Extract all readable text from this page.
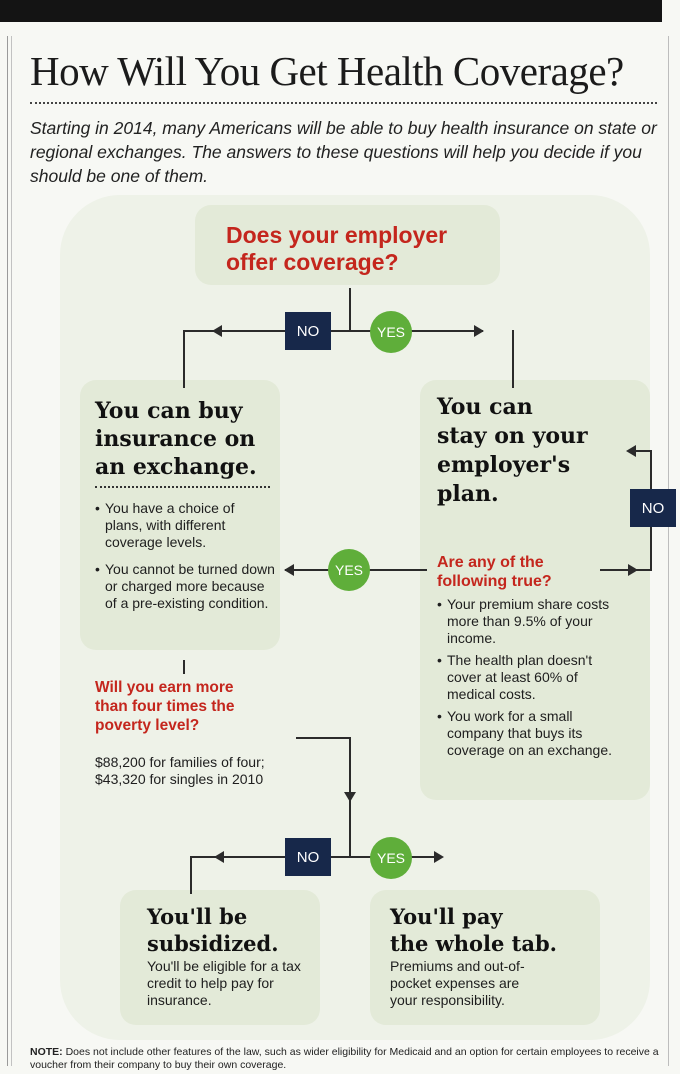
How Will You Get Health Coverage?
Starting in 2014, many Americans will be able to buy health insurance on state or regional exchanges. The answers to these questions will help you decide if you should be one of them.
Does your employer
offer coverage?
NO	YES
You can buy
insurance on
an exchange.
• You have a choice of plans, with different coverage levels.
• You cannot be turned down or charged more because of a pre-existing condition.
You can
stay on your
employer's
plan.
Are any of the
following true?
• Your premium share costs more than 9.5% of your income.
• The health plan doesn't cover at least 60% of medical costs.
• You work for a small company that buys its coverage on an exchange.
YES
NO
Will you earn more
than four times the
poverty level?
$88,200 for families of four;
$43,320 for singles in 2010
NO	YES
You'll be
subsidized.
You'll be eligible for a tax credit to help pay for insurance.
You'll pay
the whole tab.
Premiums and out-of-pocket expenses are your responsibility.
NOTE: Does not include other features of the law, such as wider eligibility for Medicaid and an option for certain employees to receive a voucher from their company to buy their own coverage.
